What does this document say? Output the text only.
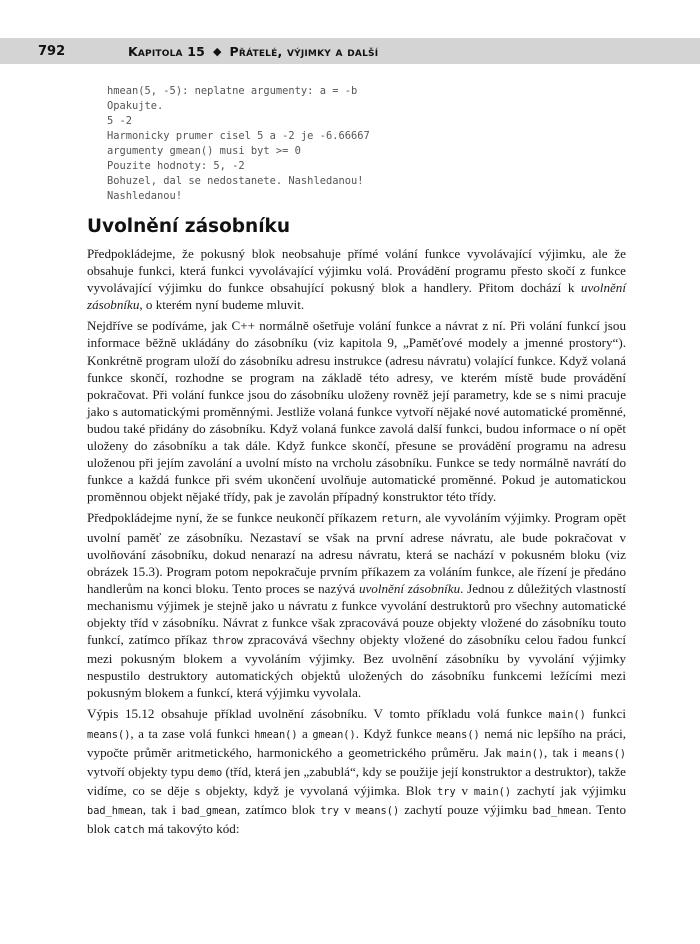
792	Kapitola 15 ◆ Přátelé, výjimky a další
hmean(5, -5): neplatne argumenty: a = -b
Opakujte.
5 -2
Harmonicky prumer cisel 5 a -2 je -6.66667
argumenty gmean() musi byt >= 0
Pouzite hodnoty: 5, -2
Bohuzel, dal se nedostanete. Nashledanou!
Nashledanou!
Uvolnění zásobníku

Předpokládejme, že pokusný blok neobsahuje přímé volání funkce vyvolávající výjimku, ale že obsahuje funkci, která funkci vyvolávající výjimku volá. Provádění programu přesto skočí z funkce vyvolávající výjimku do funkce obsahující pokusný blok a handlery. Přitom dochází k uvolnění zásobníku, o kterém nyní budeme mluvit.

Nejdříve se podíváme, jak C++ normálně ošetřuje volání funkce a návrat z ní. Při volání funkcí jsou informace běžně ukládány do zásobníku (viz kapitola 9, „Paměťové modely a jmenné prostory“). Konkrétně program uloží do zásobníku adresu instrukce (adresu návratu) volající funkce. Když volaná funkce skončí, rozhodne se program na základě této adresy, ve kterém místě bude provádění pokračovat. Při volání funkce jsou do zásobníku uloženy rovněž její parametry, kde se s nimi pracuje jako s automatickými proměnnými. Jestliže volaná funkce vytvoří nějaké nové automatické proměnné, budou také přidány do zásobníku. Když volaná funkce zavolá další funkci, budou informace o ní opět uloženy do zásobníku a tak dále. Když funkce skončí, přesune se provádění programu na adresu uloženou při jejím zavolání a uvolní místo na vrcholu zásobníku. Funkce se tedy normálně navrátí do funkce a každá funkce při svém ukončení uvolňuje automatické proměnné. Pokud je automatickou proměnnou objekt nějaké třídy, pak je zavolán případný konstruktor této třídy.

Předpokládejme nyní, že se funkce neukončí příkazem return, ale vyvoláním výjimky. Program opět uvolní paměť ze zásobníku. Nezastaví se však na první adrese návratu, ale bude pokračovat v uvolňování zásobníku, dokud nenarazí na adresu návratu, která se nachází v pokusném bloku (viz obrázek 15.3). Program potom nepokračuje prvním příkazem za voláním funkce, ale řízení je předáno handlerům na konci bloku. Tento proces se nazývá uvolnění zásobníku. Jednou z důležitých vlastností mechanismu výjimek je stejně jako u návratu z funkce vyvolání destruktorů pro všechny automatické objekty tříd v zásobníku. Návrat z funkce však zpracovává pouze objekty vložené do zásobníku touto funkcí, zatímco příkaz throw zpracovává všechny objekty vložené do zásobníku celou řadou funkcí mezi pokusným blokem a vyvoláním výjimky. Bez uvolnění zásobníku by vyvolání výjimky nespustilo destruktory automatických objektů uložených do zásobníku funkcemi ležícími mezi pokusným blokem a funkcí, která výjimku vyvolala.

Výpis 15.12 obsahuje příklad uvolnění zásobníku. V tomto příkladu volá funkce main() funkci means(), a ta zase volá funkci hmean() a gmean(). Když funkce means() nemá nic lepšího na práci, vypočte průměr aritmetického, harmonického a geometrického průměru. Jak main(), tak i means() vytvoří objekty typu demo (tříd, která jen „zabublá“, kdy se použije její konstruktor a destruktor), takže vidíme, co se děje s objekty, když je vyvolaná výjimka. Blok try v main() zachytí jak výjimku bad_hmean, tak i bad_gmean, zatímco blok try v means() zachytí pouze výjimku bad_hmean. Tento blok catch má takovýto kód:
